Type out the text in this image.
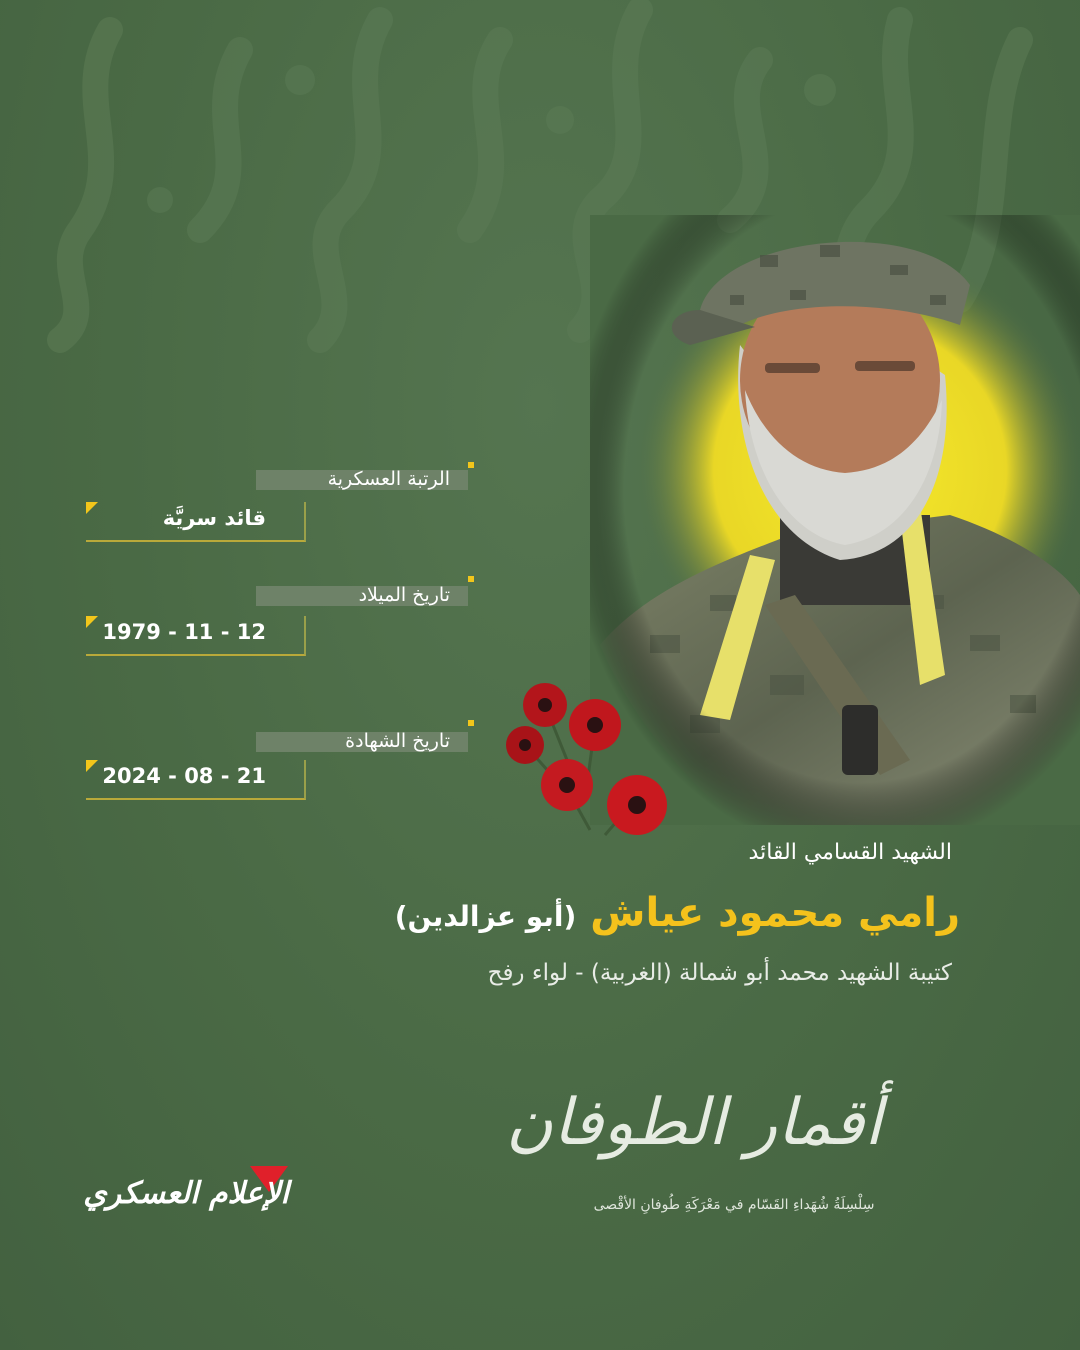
الرتبة العسكرية
قائد سريَّة
تاريخ الميلاد
12 - 11 - 1979
تاريخ الشهادة
21 - 08 - 2024
الشهيد القسامي القائد
رامي محمود عياش(أبو عزالدين)
كتيبة الشهيد محمد أبو شمالة (الغربية) - لواء رفح
أقمار الطوفان
سِلْسِلَةُ شُهَداءِ القَسّام في مَعْرَكَةِ طُوفانِ الأقْصى
الإعلام العسكري
